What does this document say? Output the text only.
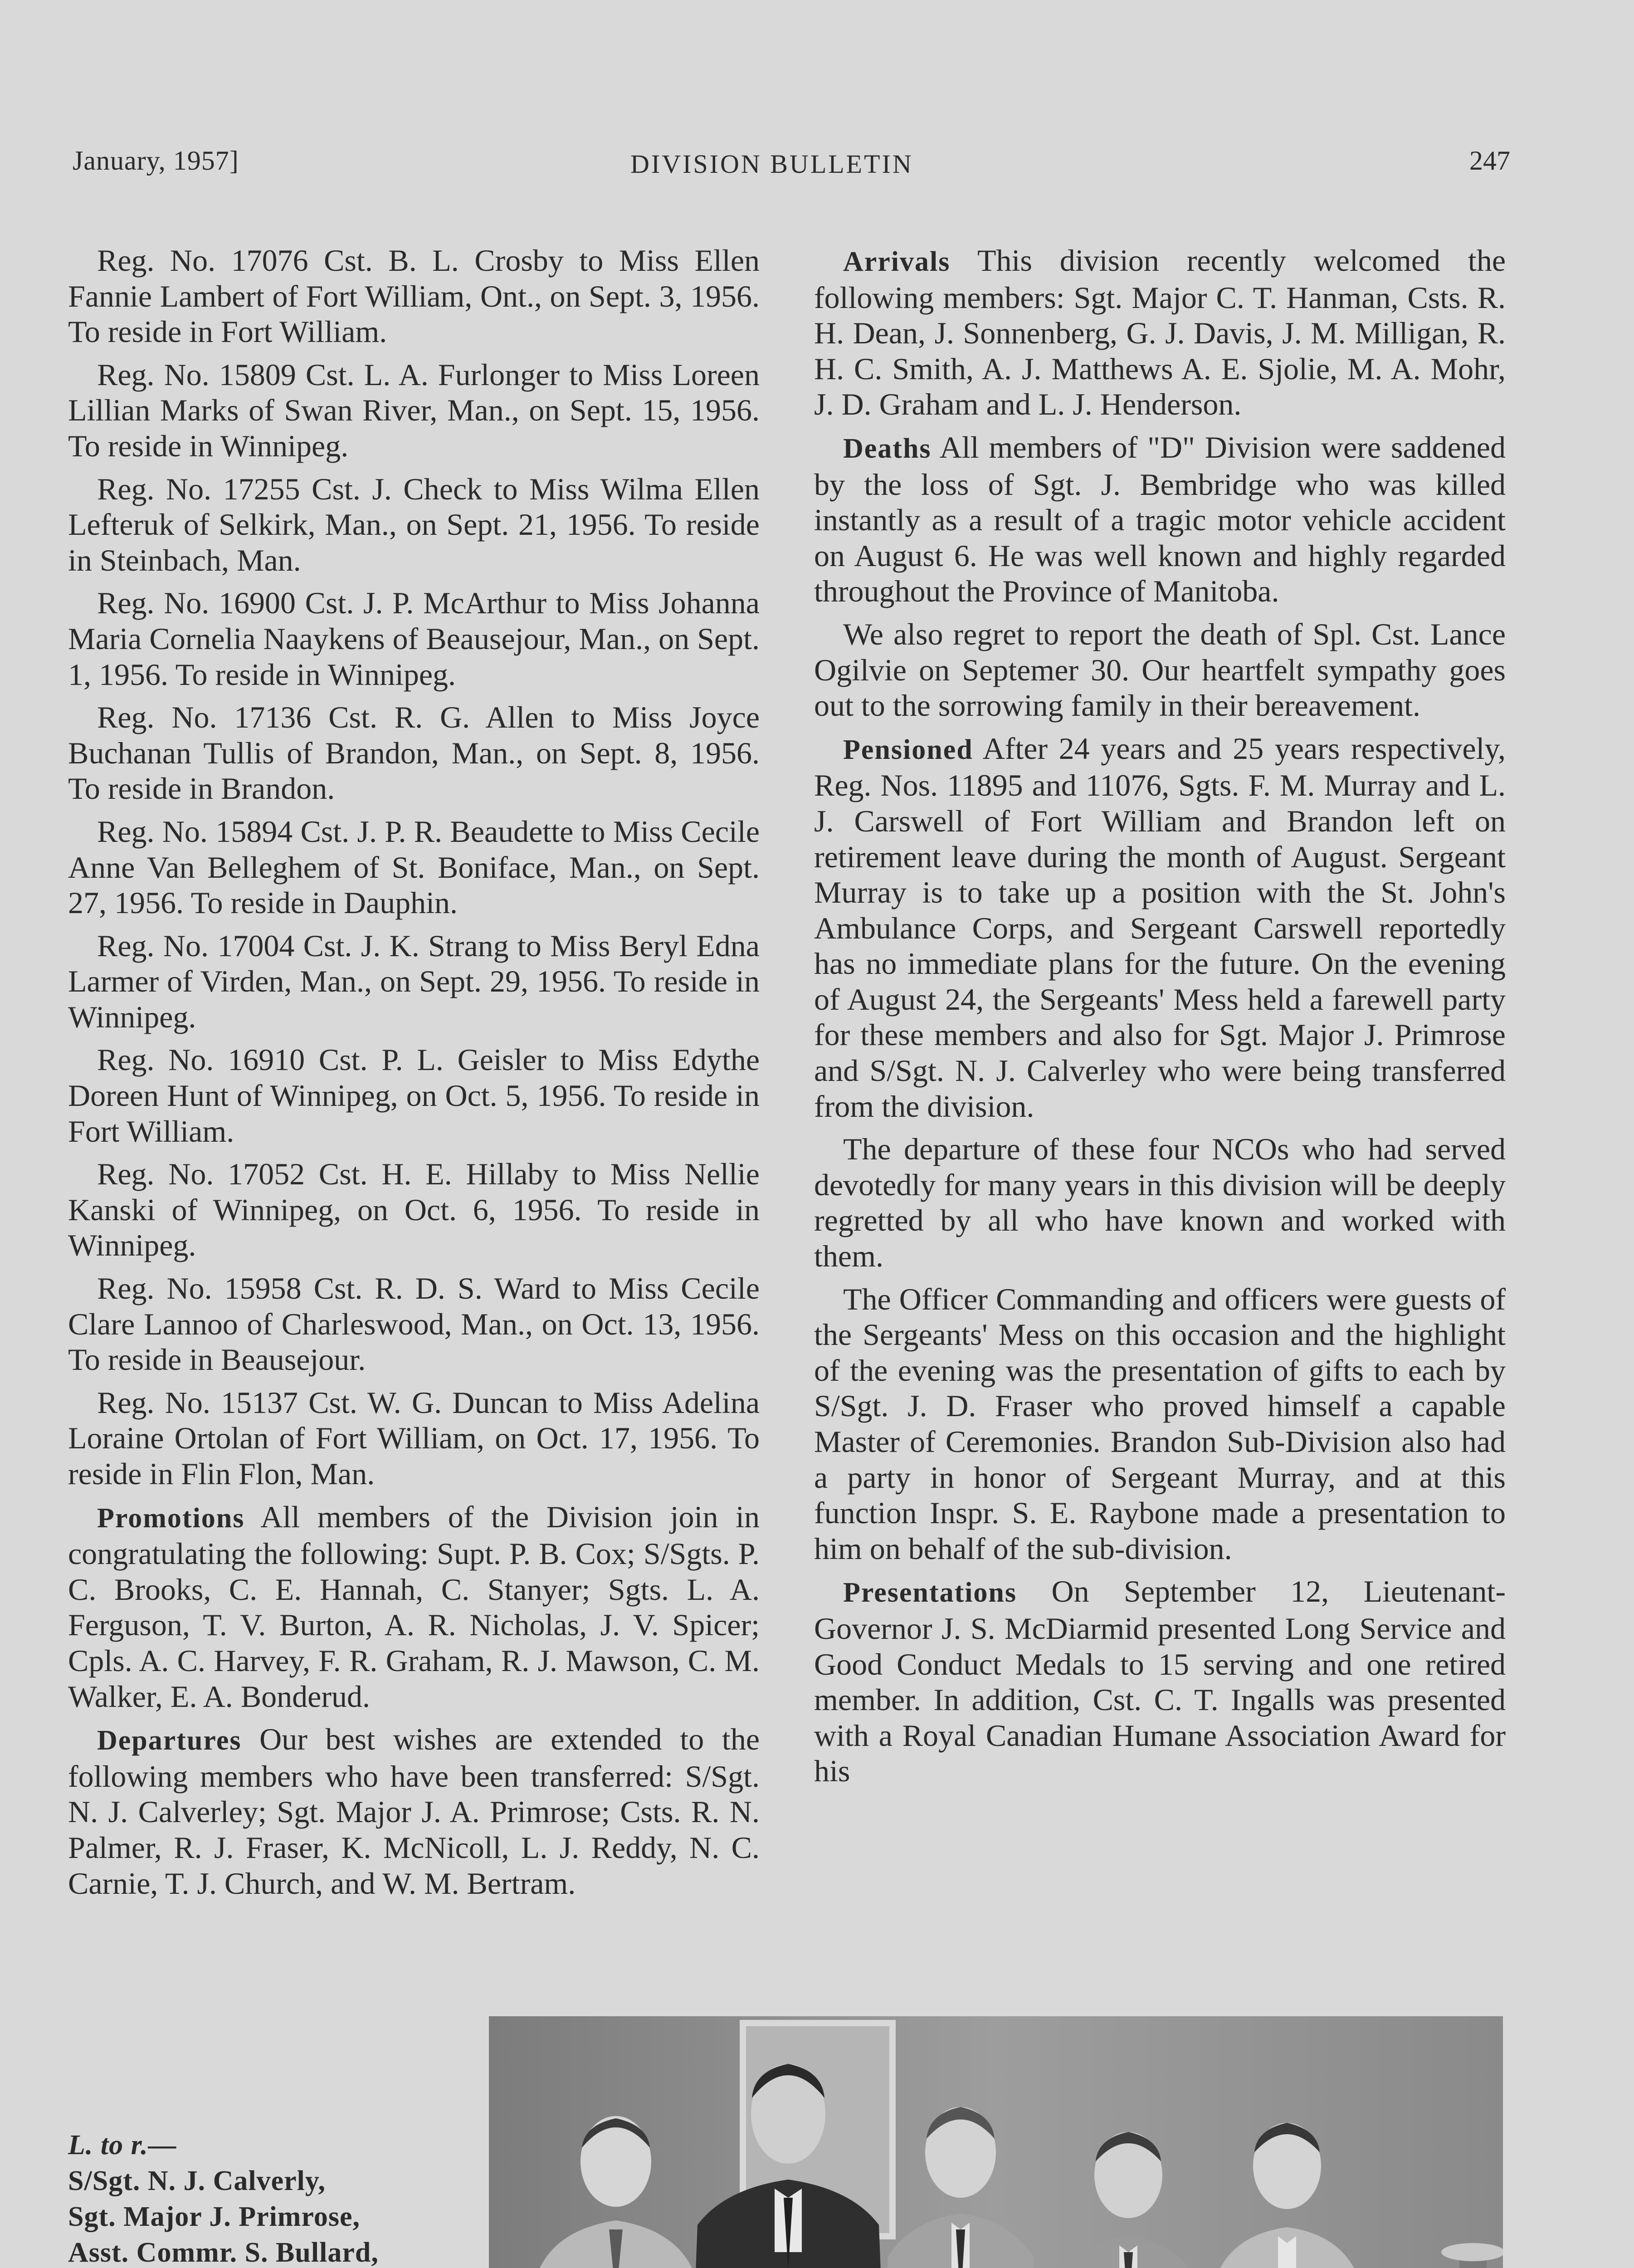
January, 1957]	DIVISION BULLETIN	247

Reg. No. 17076 Cst. B. L. Crosby to Miss Ellen Fannie Lambert of Fort William, Ont., on Sept. 3, 1956. To reside in Fort William.

Reg. No. 15809 Cst. L. A. Furlonger to Miss Loreen Lillian Marks of Swan River, Man., on Sept. 15, 1956. To reside in Winnipeg.

Reg. No. 17255 Cst. J. Check to Miss Wilma Ellen Lefteruk of Selkirk, Man., on Sept. 21, 1956. To reside in Steinbach, Man.

Reg. No. 16900 Cst. J. P. McArthur to Miss Johanna Maria Cornelia Naaykens of Beausejour, Man., on Sept. 1, 1956. To reside in Winnipeg.

Reg. No. 17136 Cst. R. G. Allen to Miss Joyce Buchanan Tullis of Brandon, Man., on Sept. 8, 1956. To reside in Brandon.

Reg. No. 15894 Cst. J. P. R. Beaudette to Miss Cecile Anne Van Belleghem of St. Boniface, Man., on Sept. 27, 1956. To reside in Dauphin.

Reg. No. 17004 Cst. J. K. Strang to Miss Beryl Edna Larmer of Virden, Man., on Sept. 29, 1956. To reside in Winnipeg.

Reg. No. 16910 Cst. P. L. Geisler to Miss Edythe Doreen Hunt of Winnipeg, on Oct. 5, 1956. To reside in Fort William.

Reg. No. 17052 Cst. H. E. Hillaby to Miss Nellie Kanski of Winnipeg, on Oct. 6, 1956. To reside in Winnipeg.

Reg. No. 15958 Cst. R. D. S. Ward to Miss Cecile Clare Lannoo of Charleswood, Man., on Oct. 13, 1956. To reside in Beausejour.

Reg. No. 15137 Cst. W. G. Duncan to Miss Adelina Loraine Ortolan of Fort William, on Oct. 17, 1956. To reside in Flin Flon, Man.

Promotions All members of the Division join in congratulating the following: Supt. P. B. Cox; S/Sgts. P. C. Brooks, C. E. Hannah, C. Stanyer; Sgts. L. A. Ferguson, T. V. Burton, A. R. Nicholas, J. V. Spicer; Cpls. A. C. Harvey, F. R. Graham, R. J. Mawson, C. M. Walker, E. A. Bonderud.

Departures Our best wishes are extended to the following members who have been transferred: S/Sgt. N. J. Calverley; Sgt. Major J. A. Primrose; Csts. R. N. Palmer, R. J. Fraser, K. McNicoll, L. J. Reddy, N. C. Carnie, T. J. Church, and W. M. Bertram.

Arrivals This division recently welcomed the following members: Sgt. Major C. T. Hanman, Csts. R. H. Dean, J. Sonnenberg, G. J. Davis, J. M. Milligan, R. H. C. Smith, A. J. Matthews A. E. Sjolie, M. A. Mohr, J. D. Graham and L. J. Henderson.

Deaths All members of "D" Division were saddened by the loss of Sgt. J. Bembridge who was killed instantly as a result of a tragic motor vehicle accident on August 6. He was well known and highly regarded throughout the Province of Manitoba.

We also regret to report the death of Spl. Cst. Lance Ogilvie on Septemer 30. Our heartfelt sympathy goes out to the sorrowing family in their bereavement.

Pensioned After 24 years and 25 years respectively, Reg. Nos. 11895 and 11076, Sgts. F. M. Murray and L. J. Carswell of Fort William and Brandon left on retirement leave during the month of August. Sergeant Murray is to take up a position with the St. John's Ambulance Corps, and Sergeant Carswell reportedly has no immediate plans for the future. On the evening of August 24, the Sergeants' Mess held a farewell party for these members and also for Sgt. Major J. Primrose and S/Sgt. N. J. Calverley who were being transferred from the division.

The departure of these four NCOs who had served devotedly for many years in this division will be deeply regretted by all who have known and worked with them.

The Officer Commanding and officers were guests of the Sergeants' Mess on this occasion and the highlight of the evening was the presentation of gifts to each by S/Sgt. J. D. Fraser who proved himself a capable Master of Ceremonies. Brandon Sub-Division also had a party in honor of Sergeant Murray, and at this function Inspr. S. E. Raybone made a presentation to him on behalf of the sub-division.

Presentations On September 12, Lieutenant-Governor J. S. McDiarmid presented Long Service and Good Conduct Medals to 15 serving and one retired member. In addition, Cst. C. T. Ingalls was presented with a Royal Canadian Humane Association Award for his

L. to r.—
S/Sgt. N. J. Calverly,
Sgt. Major J. Primrose,
Asst. Commr. S. Bullard,
